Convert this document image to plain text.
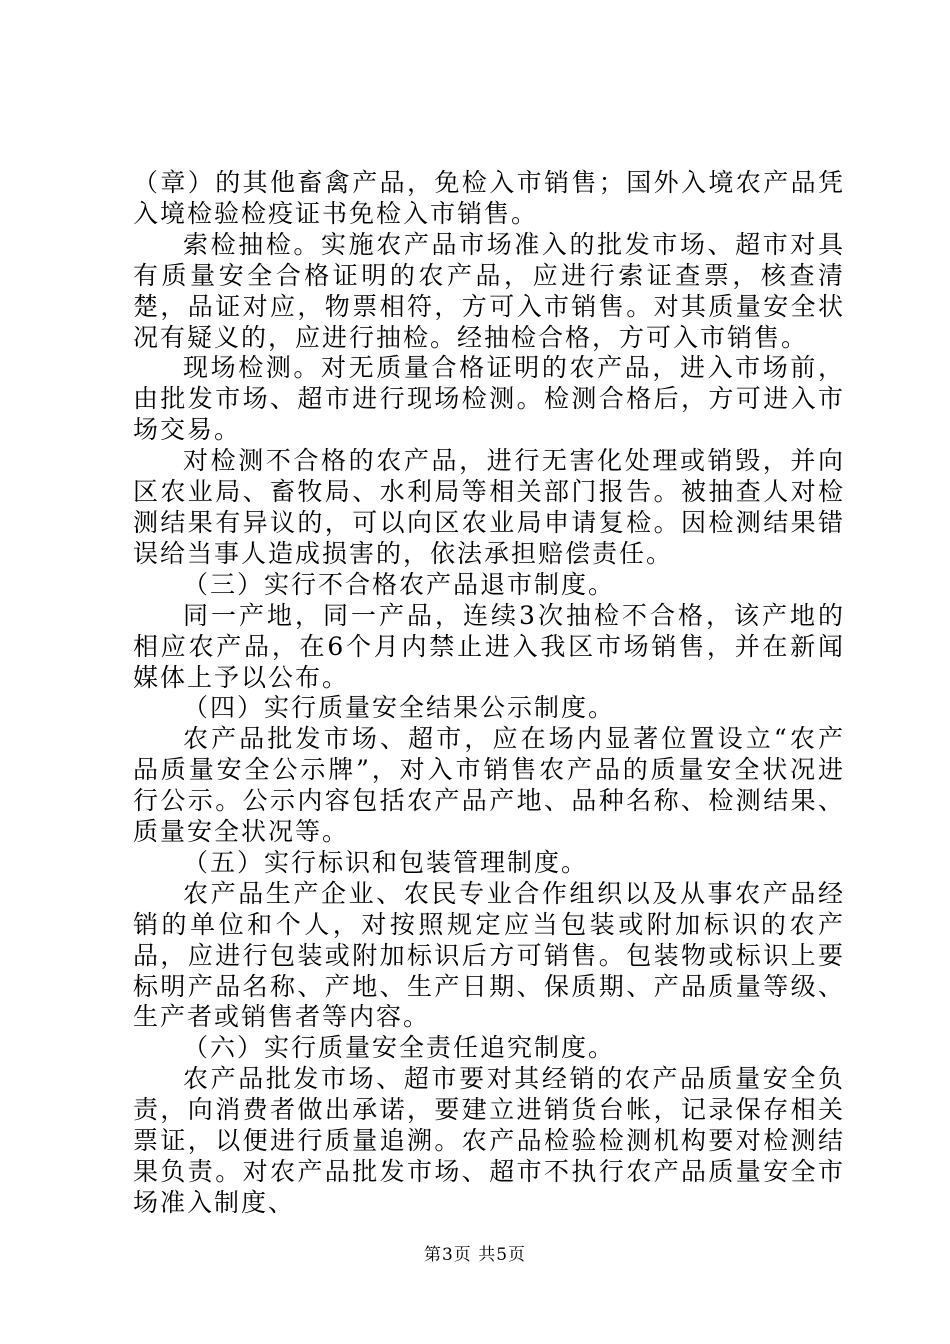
（章）的其他畜禽产品，免检入市销售；国外入境农产品凭入境检验检疫证书免检入市销售。

索检抽检。实施农产品市场准入的批发市场、超市对具有质量安全合格证明的农产品，应进行索证查票，核查清楚，品证对应，物票相符，方可入市销售。对其质量安全状况有疑义的，应进行抽检。经抽检合格，方可入市销售。

现场检测。对无质量合格证明的农产品，进入市场前，由批发市场、超市进行现场检测。检测合格后，方可进入市场交易。

对检测不合格的农产品，进行无害化处理或销毁，并向区农业局、畜牧局、水利局等相关部门报告。被抽查人对检测结果有异议的，可以向区农业局申请复检。因检测结果错误给当事人造成损害的，依法承担赔偿责任。

（三）实行不合格农产品退市制度。

同一产地，同一产品，连续3次抽检不合格，该产地的相应农产品，在6个月内禁止进入我区市场销售，并在新闻媒体上予以公布。

（四）实行质量安全结果公示制度。

农产品批发市场、超市，应在场内显著位置设立“农产品质量安全公示牌”，对入市销售农产品的质量安全状况进行公示。公示内容包括农产品产地、品种名称、检测结果、质量安全状况等。

（五）实行标识和包装管理制度。

农产品生产企业、农民专业合作组织以及从事农产品经销的单位和个人，对按照规定应当包装或附加标识的农产品，应进行包装或附加标识后方可销售。包装物或标识上要标明产品名称、产地、生产日期、保质期、产品质量等级、生产者或销售者等内容。

（六）实行质量安全责任追究制度。

农产品批发市场、超市要对其经销的农产品质量安全负责，向消费者做出承诺，要建立进销货台帐，记录保存相关票证，以便进行质量追溯。农产品检验检测机构要对检测结果负责。对农产品批发市场、超市不执行农产品质量安全市场准入制度、

第3页 共5页
